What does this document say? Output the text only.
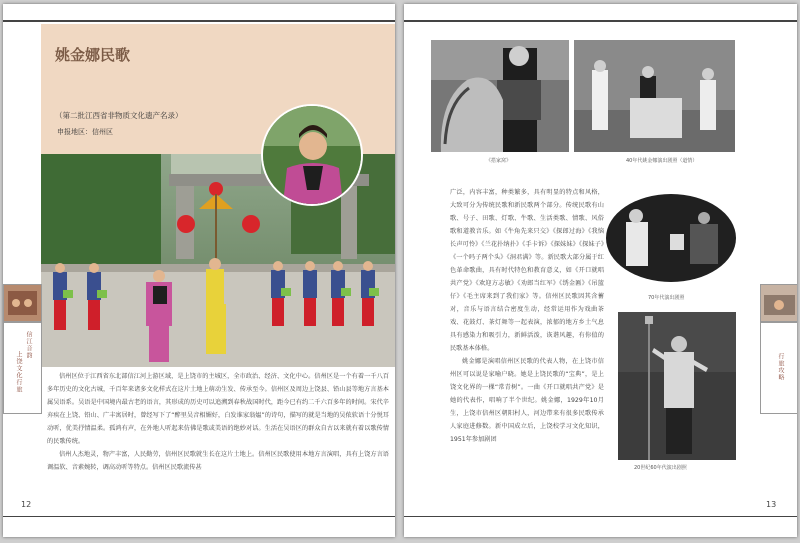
姚金娜民歌
（第二批江西省非物质文化遗产名录）
申报地区：信州区
信江音韵
上饶文化行旅	信州区位于江西省东北部信江河上游区域，是上饶市的主城区，全市政治、经济、文化中心。信州区是一个有着一千八百多年历史的文化古城，千百年来诸多文化样式在这片土地上萌动生发、传承至今。信州区及周边上饶县、铅山县等地方言基本属吴语系。吴语是中国境内最古老的语言，其形成的历史可以追溯到春秋战国时代，距今已有约二千六百多年的时间。宋代辛弃疾在上饶、铅山、广丰寓居时，曾经写下了“醉里吴音相媚好，白发谁家翁媪”的诗句，描写的就是当地的吴侬软语十分悦耳动听，优美抒情温柔。孤鸿有声，在外地人听起来仿佛是歌或美语的绝妙对话。生活在吴语区的群众自古以来就有着以歌传情的民歌传统。

信州人杰地灵，物产丰富，人民勤劳，信州区民歌就生长在这片土地上。信州区民歌使用本地方言演唱，具有上饶方言语调温软、音素婉转，调高动听等特点。信州区民歌流传甚

12
《搭家窝》	40年代姚金娜演出剧照（道情）
行旅攻略

广泛，内容丰富，种类繁多，具有明显的特点和风格，大致可分为传统民歌和新民歌两个部分。传统民歌有山歌、号子、田歌、灯歌、牛歌、生活类歌、情歌、风俗歌和道教音乐。如《牛角先来只交》《探郎过海》《我恼长声可怜》《兰花扑纳扑》《手卡诉》《探妹妹》《探妹子》《一个吗子两个头》《洞君满》等。新民歌大部分属于红色革命歌曲，具有时代特色和教育意义，如《开口就唱共产党》《欢迎方志敏》《劝郎当红军》《绣金匾》《吊篮仔》《毛主席来到了我们家》等。信州区民歌因其含蓄对，音乐与语言结合密度生动，经常运用作为戏曲茶戏、花鼓灯、茶灯舞等一起表演，浓郁的地方乡土气息具有感染力和吸引力，新鲜活泼，诙谐风趣，有你值的民歌基本体格。

姚金娜是演唱信州区民歌的代表人物，在上饶市信州区可以说是家喻户晓。她是上饶民歌的“宝典”，是上饶文化界的一棵“常青树”。一曲《开口就唱共产党》是她的代表作，唱响了半个世纪。姚金娜，1929年10月生，上饶市信州区朝阳村人，河边带来有很多民歌传承人家庭进修数。新中国成立后，上饶校学习文化知识，1951年参加剧团

70年代演出剧照
20世纪60年代演出剧照
13
